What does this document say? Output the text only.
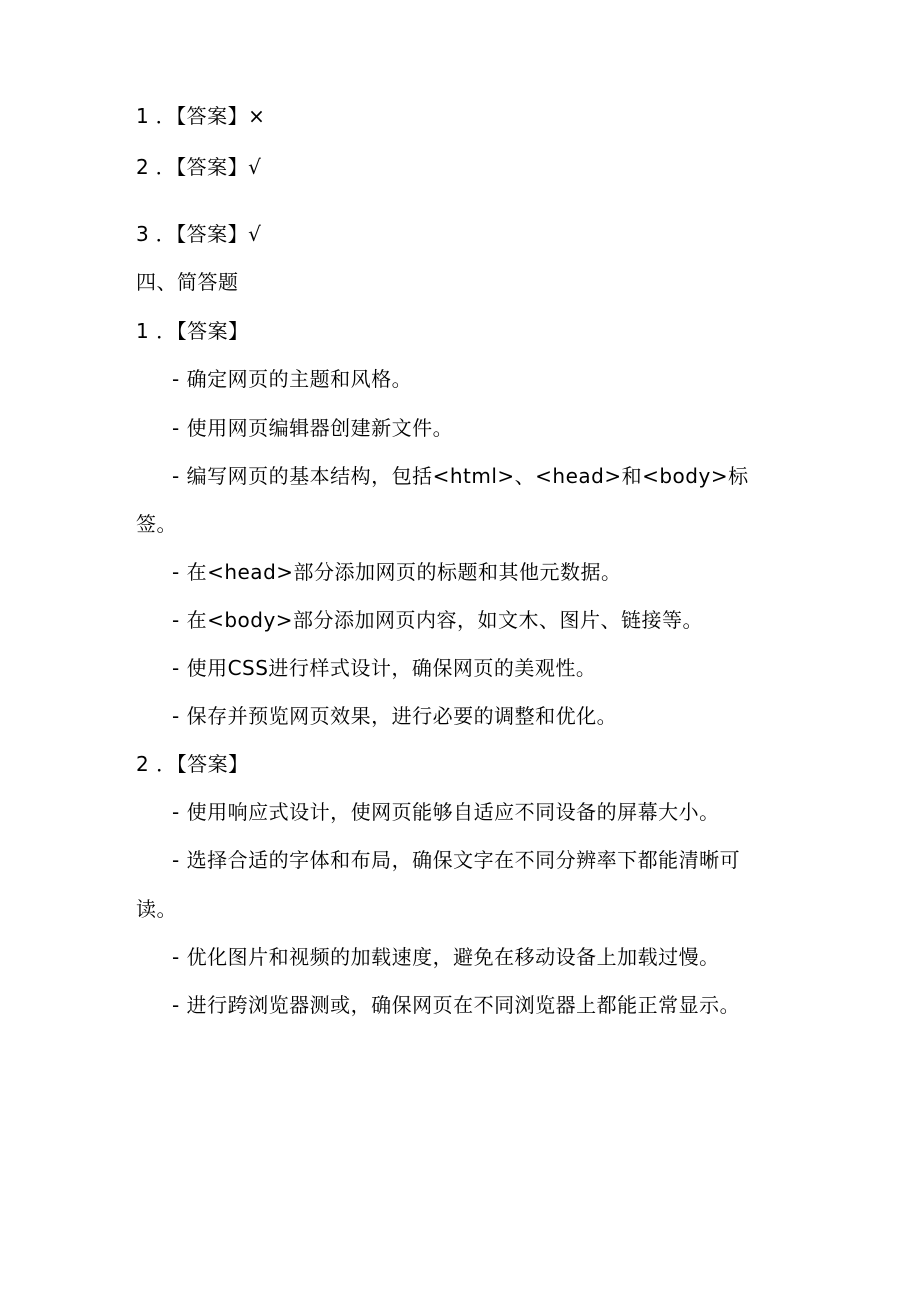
1 ．【答案】×
2 ．【答案】√
3 ．【答案】√
四、简答题
1 ．【答案】
- 确定网页的主题和风格。
- 使用网页编辑器创建新文件。
- 编写网页的基本结构，包括<html>、<head>和<body>标
签。
- 在<head>部分添加网页的标题和其他元数据。
- 在<body>部分添加网页内容，如文木、图片、链接等。
- 使用CSS进行样式设计，确保网页的美观性。
- 保存并预览网页效果，进行必要的调整和优化。
2 ．【答案】
- 使用响应式设计，使网页能够自适应不同设备的屏幕大小。
- 选择合适的字体和布局，确保文字在不同分辨率下都能清晰可
读。
- 优化图片和视频的加载速度，避免在移动设备上加载过慢。
- 进行跨浏览器测或，确保网页在不同浏览器上都能正常显示。
